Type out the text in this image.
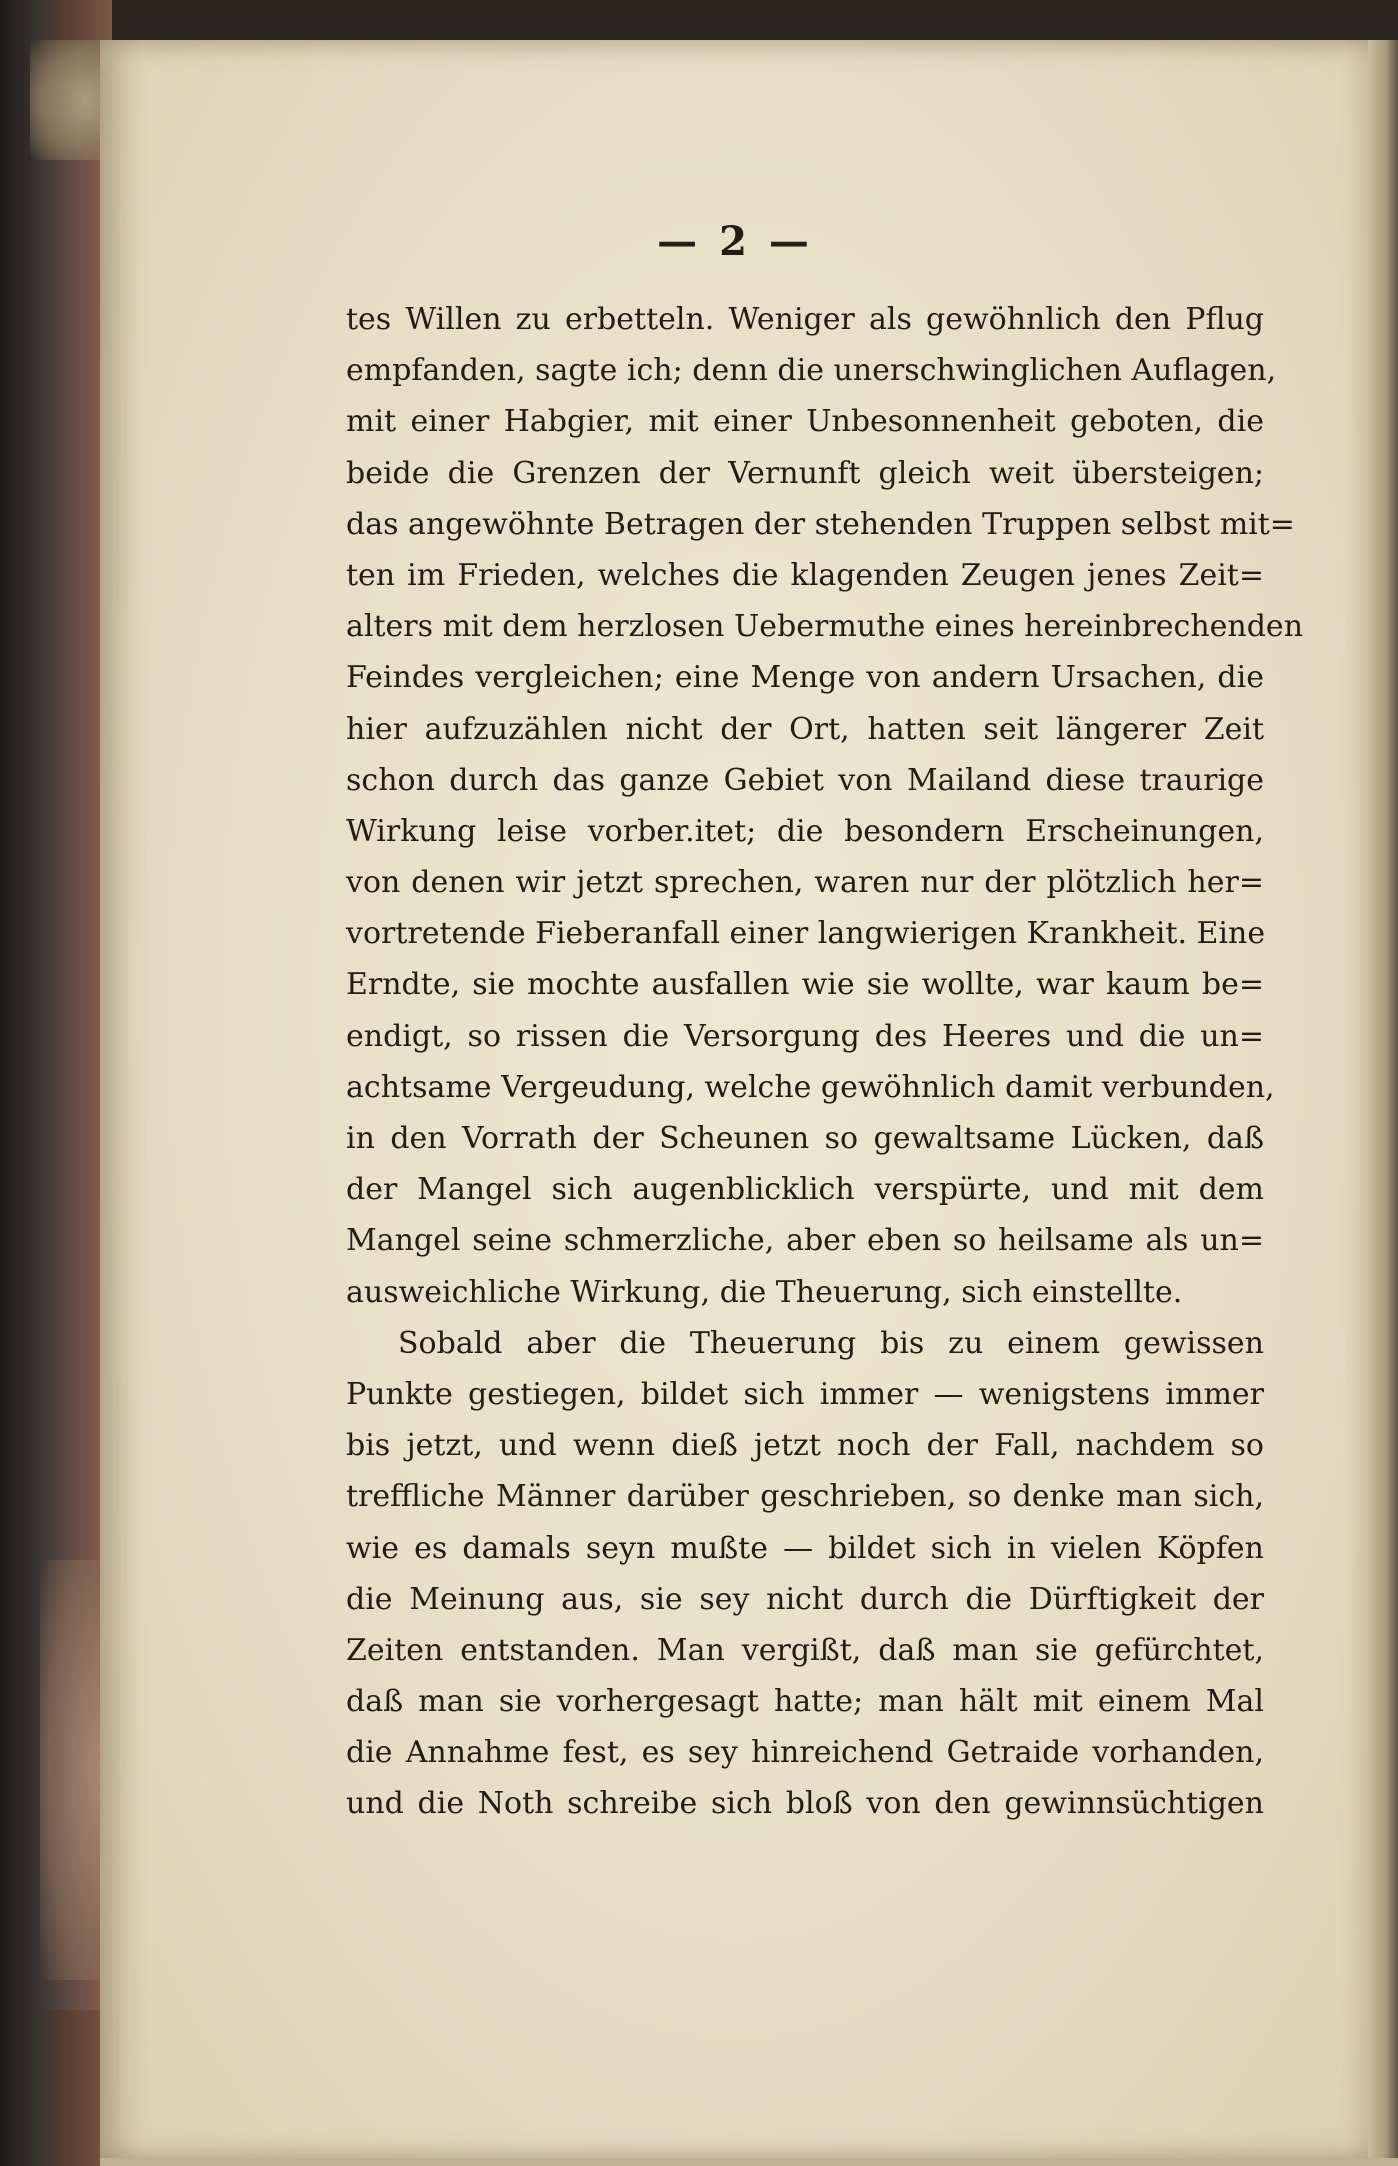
— 2 —
tes Willen zu erbetteln. Weniger als gewöhnlich den Pflug
empfanden, sagte ich; denn die unerschwinglichen Auflagen,
mit einer Habgier, mit einer Unbesonnenheit geboten, die
beide die Grenzen der Vernunft gleich weit übersteigen;
das angewöhnte Betragen der stehenden Truppen selbst mit=
ten im Frieden, welches die klagenden Zeugen jenes Zeit=
alters mit dem herzlosen Uebermuthe eines hereinbrechenden
Feindes vergleichen; eine Menge von andern Ursachen, die
hier aufzuzählen nicht der Ort, hatten seit längerer Zeit
schon durch das ganze Gebiet von Mailand diese traurige
Wirkung leise vorber.itet; die besondern Erscheinungen,
von denen wir jetzt sprechen, waren nur der plötzlich her=
vortretende Fieberanfall einer langwierigen Krankheit. Eine
Erndte, sie mochte ausfallen wie sie wollte, war kaum be=
endigt, so rissen die Versorgung des Heeres und die un=
achtsame Vergeudung, welche gewöhnlich damit verbunden,
in den Vorrath der Scheunen so gewaltsame Lücken, daß
der Mangel sich augenblicklich verspürte, und mit dem
Mangel seine schmerzliche, aber eben so heilsame als un=
ausweichliche Wirkung, die Theuerung, sich einstellte.
Sobald aber die Theuerung bis zu einem gewissen
Punkte gestiegen, bildet sich immer — wenigstens immer
bis jetzt, und wenn dieß jetzt noch der Fall, nachdem so
treffliche Männer darüber geschrieben, so denke man sich,
wie es damals seyn mußte — bildet sich in vielen Köpfen
die Meinung aus, sie sey nicht durch die Dürftigkeit der
Zeiten entstanden. Man vergißt, daß man sie gefürchtet,
daß man sie vorhergesagt hatte; man hält mit einem Mal
die Annahme fest, es sey hinreichend Getraide vorhanden,
und die Noth schreibe sich bloß von den gewinnsüchtigen
